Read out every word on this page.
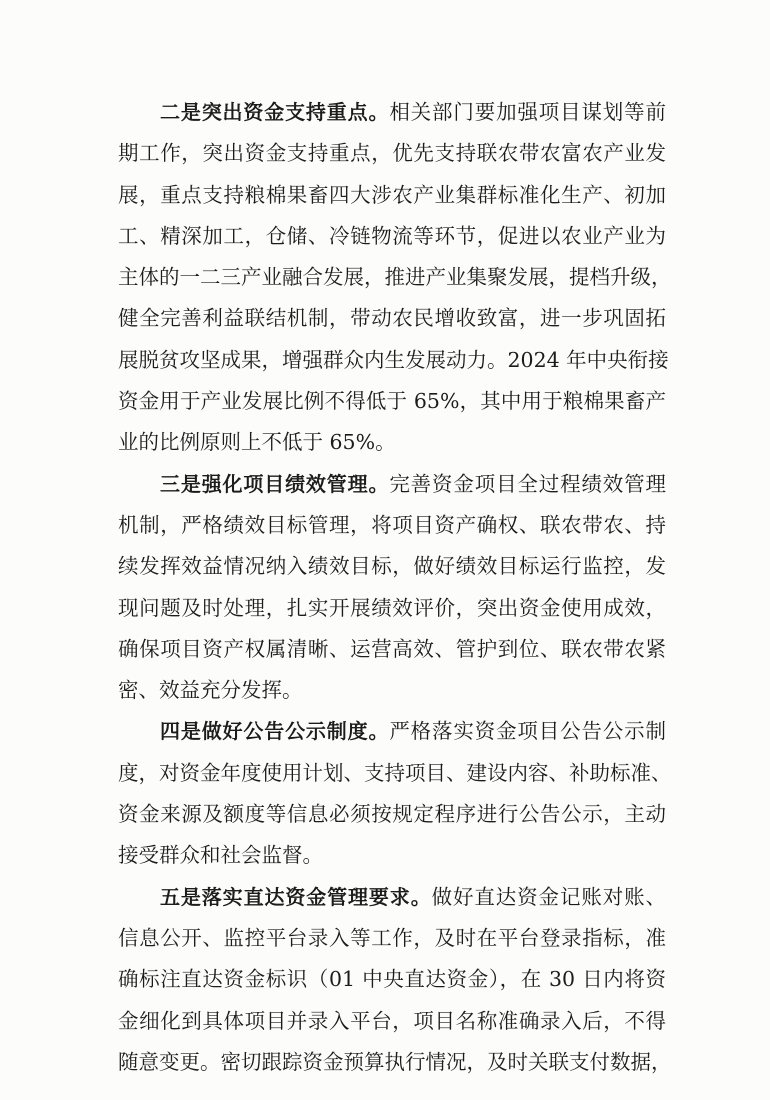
二是突出资金支持重点。相关部门要加强项目谋划等前
期工作，突出资金支持重点，优先支持联农带农富农产业发
展，重点支持粮棉果畜四大涉农产业集群标准化生产、初加
工、精深加工，仓储、冷链物流等环节，促进以农业产业为
主体的一二三产业融合发展，推进产业集聚发展，提档升级，
健全完善利益联结机制，带动农民增收致富，进一步巩固拓
展脱贫攻坚成果，增强群众内生发展动力。2024 年中央衔接
资金用于产业发展比例不得低于 65%，其中用于粮棉果畜产
业的比例原则上不低于 65%。
三是强化项目绩效管理。完善资金项目全过程绩效管理
机制，严格绩效目标管理，将项目资产确权、联农带农、持
续发挥效益情况纳入绩效目标，做好绩效目标运行监控，发
现问题及时处理，扎实开展绩效评价，突出资金使用成效，
确保项目资产权属清晰、运营高效、管护到位、联农带农紧
密、效益充分发挥。
四是做好公告公示制度。严格落实资金项目公告公示制
度，对资金年度使用计划、支持项目、建设内容、补助标准、
资金来源及额度等信息必须按规定程序进行公告公示，主动
接受群众和社会监督。
五是落实直达资金管理要求。做好直达资金记账对账、
信息公开、监控平台录入等工作，及时在平台登录指标，准
确标注直达资金标识（01 中央直达资金），在 30 日内将资
金细化到具体项目并录入平台，项目名称准确录入后，不得
随意变更。密切跟踪资金预算执行情况，及时关联支付数据，
